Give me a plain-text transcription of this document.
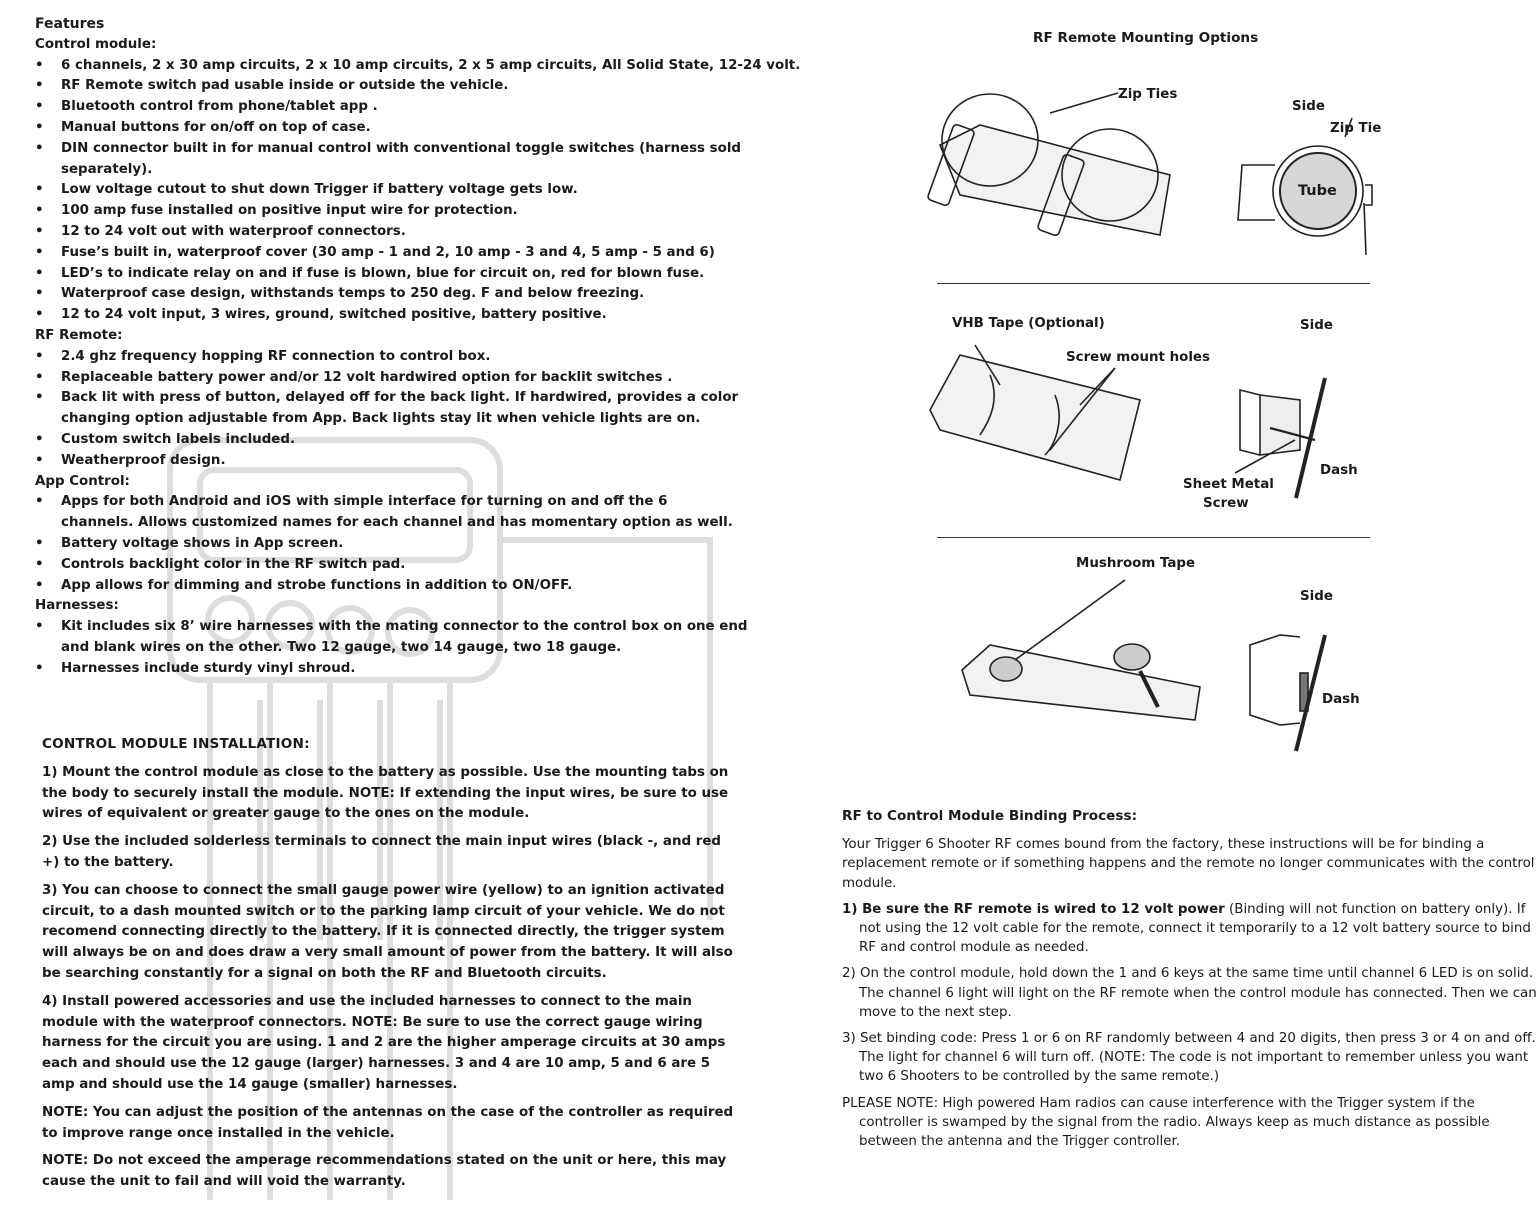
Features
Control module:
• 6 channels, 2 x 30 amp circuits, 2 x 10 amp circuits, 2 x 5 amp circuits, All Solid State, 12-24 volt.
• RF Remote switch pad usable inside or outside the vehicle.
• Bluetooth control from phone/tablet app .
• Manual buttons for on/off on top of case.
• DIN connector built in for manual control with conventional toggle switches (harness sold separately).
• Low voltage cutout to shut down Trigger if battery voltage gets low.
• 100 amp fuse installed on positive input wire for protection.
• 12 to 24 volt out with waterproof connectors.
• Fuse’s built in, waterproof cover (30 amp - 1 and 2, 10 amp - 3 and 4, 5 amp - 5 and 6)
• LED’s to indicate relay on and if fuse is blown, blue for circuit on, red for blown fuse.
• Waterproof case design, withstands temps to 250 deg. F and below freezing.
• 12 to 24 volt input, 3 wires, ground, switched positive, battery positive.
RF Remote:
• 2.4 ghz frequency hopping RF connection to control box.
• Replaceable battery power and/or 12 volt hardwired option for backlit switches .
• Back lit with press of button, delayed off for the back light. If hardwired, provides a color changing option adjustable from App. Back lights stay lit when vehicle lights are on.
• Custom switch labels included.
• Weatherproof design.
App Control:
• Apps for both Android and iOS with simple interface for turning on and off the 6 channels. Allows customized names for each channel and has momentary option as well.
• Battery voltage shows in App screen.
• Controls backlight color in the RF switch pad.
• App allows for dimming and strobe functions in addition to ON/OFF.
Harnesses:
• Kit includes six 8’ wire harnesses with the mating connector to the control box on one end and blank wires on the other. Two 12 gauge, two 14 gauge, two 18 gauge.
• Harnesses include sturdy vinyl shroud.
CONTROL MODULE INSTALLATION:

1) Mount the control module as close to the battery as possible. Use the mounting tabs on the body to securely install the module. NOTE: If extending the input wires, be sure to use wires of equivalent or greater gauge to the ones on the module.

2) Use the included solderless terminals to connect the main input wires (black -, and red +) to the battery.

3) You can choose to connect the small gauge power wire (yellow) to an ignition activated circuit, to a dash mounted switch or to the parking lamp circuit of your vehicle. We do not recomend connecting directly to the battery. If it is connected directly, the trigger system will always be on and does draw a very small amount of power from the battery. It will also be searching constantly for a signal on both the RF and Bluetooth circuits.

4) Install powered accessories and use the included harnesses to connect to the main module with the waterproof connectors. NOTE: Be sure to use the correct gauge wiring harness for the circuit you are using. 1 and 2 are the higher amperage circuits at 30 amps each and should use the 12 gauge (larger) harnesses. 3 and 4 are 10 amp, 5 and 6 are 5 amp and should use the 14 gauge (smaller) harnesses.

NOTE: You can adjust the position of the antennas on the case of the controller as required to improve range once installed in the vehicle.

NOTE: Do not exceed the amperage recommendations stated on the unit or here, this may cause the unit to fail and will void the warranty.

RF Remote Mounting Options
Zip Ties
Side
Zip Tie
Tube
VHB Tape (Optional)	Side
Screw mount holes
Dash
Sheet Metal
Screw
Mushroom Tape
Side
Dash
RF to Control Module Binding Process:

Your Trigger 6 Shooter RF comes bound from the factory, these instructions will be for binding a replacement remote or if something happens and the remote no longer communicates with the control module.

1) Be sure the RF remote is wired to 12 volt power (Binding will not function on battery only). If not using the 12 volt cable for the remote, connect it temporarily to a 12 volt battery source to bind RF and control module as needed.

2) On the control module, hold down the 1 and 6 keys at the same time until channel 6 LED is on solid. The channel 6 light will light on the RF remote when the control module has connected. Then we can move to the next step.

3) Set binding code: Press 1 or 6 on RF randomly between 4 and 20 digits, then press 3 or 4 on and off. The light for channel 6 will turn off. (NOTE: The code is not important to remember unless you want two 6 Shooters to be controlled by the same remote.)

PLEASE NOTE: High powered Ham radios can cause interference with the Trigger system if the controller is swamped by the signal from the radio. Always keep as much distance as possible between the antenna and the Trigger controller.
